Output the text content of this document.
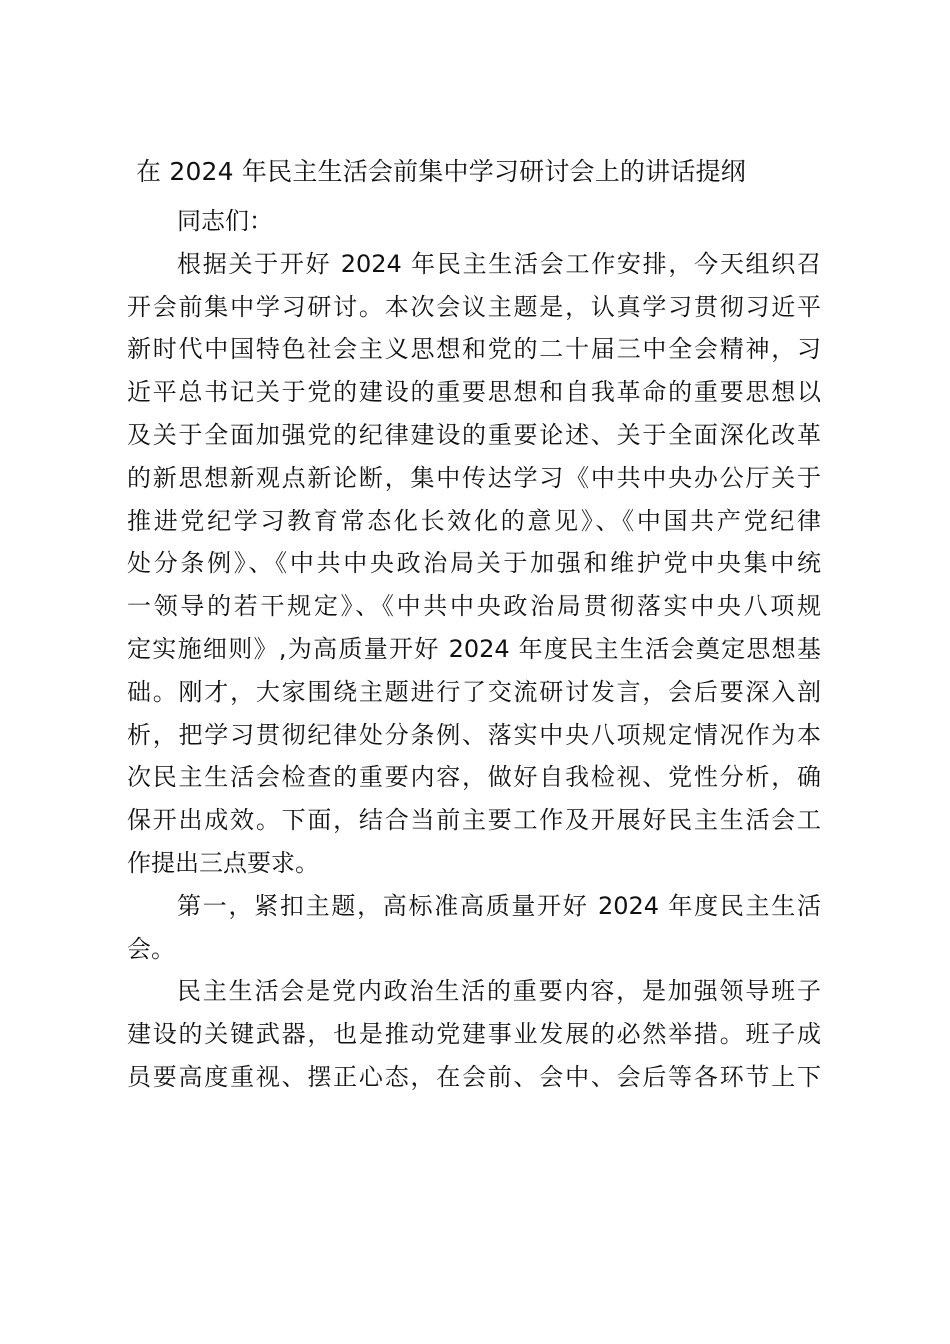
在 2024 年民主生活会前集中学习研讨会上的讲话提纲
同志们：
根据关于开好 2024 年民主生活会工作安排，今天组织召
开会前集中学习研讨。本次会议主题是，认真学习贯彻习近平
新时代中国特色社会主义思想和党的二十届三中全会精神，习
近平总书记关于党的建设的重要思想和自我革命的重要思想以
及关于全面加强党的纪律建设的重要论述、关于全面深化改革
的新思想新观点新论断，集中传达学习《中共中央办公厅关于
推进党纪学习教育常态化长效化的意见》、《中国共产党纪律
处分条例》、《中共中央政治局关于加强和维护党中央集中统
一领导的若干规定》、《中共中央政治局贯彻落实中央八项规
定实施细则》,为高质量开好 2024 年度民主生活会奠定思想基
础。刚才，大家围绕主题进行了交流研讨发言，会后要深入剖
析，把学习贯彻纪律处分条例、落实中央八项规定情况作为本
次民主生活会检查的重要内容，做好自我检视、党性分析，确
保开出成效。下面，结合当前主要工作及开展好民主生活会工
作提出三点要求。
第一，紧扣主题，高标准高质量开好 2024 年度民主生活
会。
民主生活会是党内政治生活的重要内容，是加强领导班子
建设的关键武器，也是推动党建事业发展的必然举措。班子成
员要高度重视、摆正心态，在会前、会中、会后等各环节上下
